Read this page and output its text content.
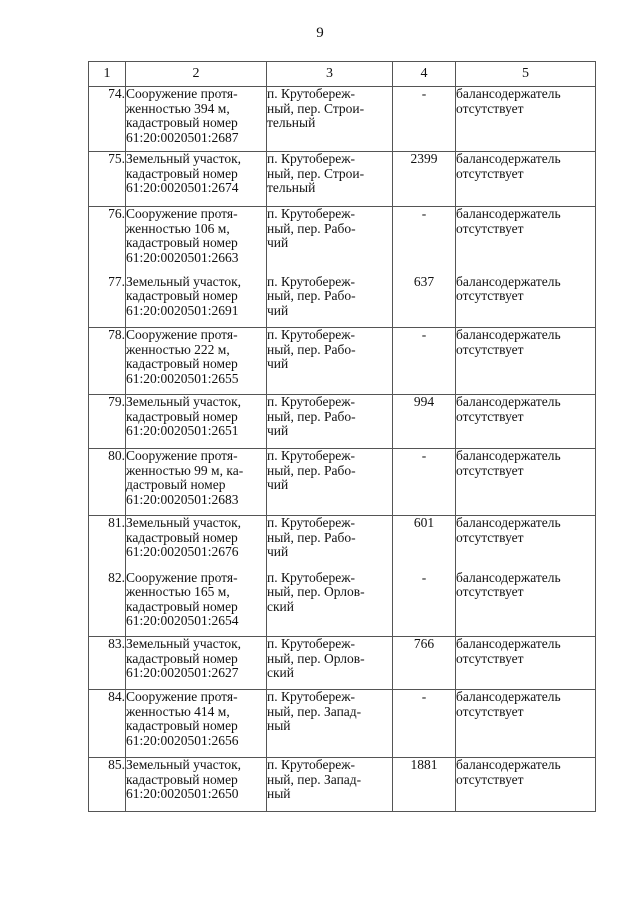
9
1	2	3	4	5
74.	Сооружение протя-
женностью 394 м,
кадастровый номер
61:20:0020501:2687	п. Крутобереж-
ный, пер. Строи-
тельный	-	балансодержатель
отсутствует

75.	Земельный участок,
кадастровый номер
61:20:0020501:2674	п. Крутобереж-
ный, пер. Строи-
тельный	2399	балансодержатель
отсутствует

76.	Сооружение протя-
женностью 106 м,
кадастровый номер
61:20:0020501:2663	п. Крутобереж-
ный, пер. Рабо-
чий	-	балансодержатель
отсутствует

77.	Земельный участок,
кадастровый номер
61:20:0020501:2691	п. Крутобереж-
ный, пер. Рабо-
чий	637	балансодержатель
отсутствует

78.	Сооружение протя-
женностью 222 м,
кадастровый номер
61:20:0020501:2655	п. Крутобереж-
ный, пер. Рабо-
чий	-	балансодержатель
отсутствует

79.	Земельный участок,
кадастровый номер
61:20:0020501:2651	п. Крутобереж-
ный, пер. Рабо-
чий	994	балансодержатель
отсутствует

80.	Сооружение протя-
женностью 99 м, ка-
дастровый номер
61:20:0020501:2683	п. Крутобереж-
ный, пер. Рабо-
чий	-	балансодержатель
отсутствует

81.	Земельный участок,
кадастровый номер
61:20:0020501:2676	п. Крутобереж-
ный, пер. Рабо-
чий	601	балансодержатель
отсутствует

82.	Сооружение протя-
женностью 165 м,
кадастровый номер
61:20:0020501:2654	п. Крутобереж-
ный, пер. Орлов-
ский	-	балансодержатель
отсутствует

83.	Земельный участок,
кадастровый номер
61:20:0020501:2627	п. Крутобереж-
ный, пер. Орлов-
ский	766	балансодержатель
отсутствует

84.	Сооружение протя-
женностью 414 м,
кадастровый номер
61:20:0020501:2656	п. Крутобереж-
ный, пер. Запад-
ный	-	балансодержатель
отсутствует

85.	Земельный участок,
кадастровый номер
61:20:0020501:2650	п. Крутобереж-
ный, пер. Запад-
ный	1881	балансодержатель
отсутствует
